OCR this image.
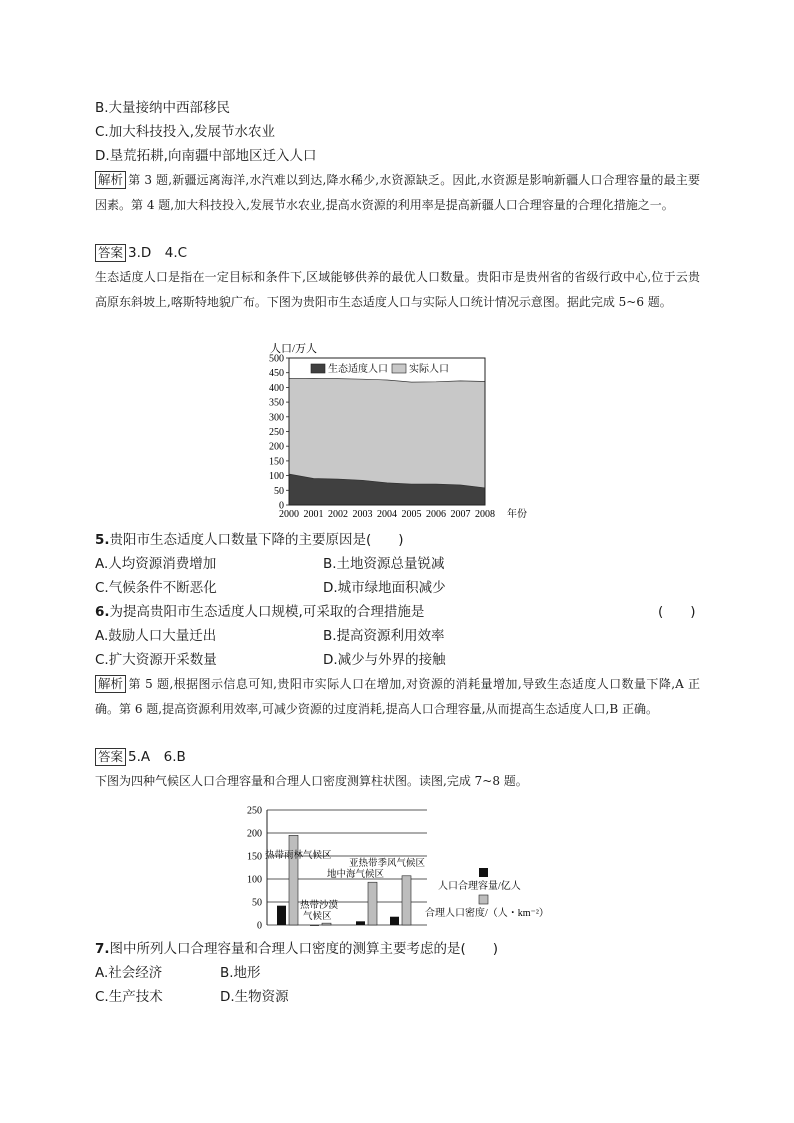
B.大量接纳中西部移民
C.加大科技投入,发展节水农业
D.垦荒拓耕,向南疆中部地区迁入人口
解析 第 3 题,新疆远离海洋,水汽难以到达,降水稀少,水资源缺乏。因此,水资源是影响新疆人口合理容量的最主要因素。第 4 题,加大科技投入,发展节水农业,提高水资源的利用率是提高新疆人口合理容量的合理化措施之一。
答案 3.D　4.C
生态适度人口是指在一定目标和条件下,区域能够供养的最优人口数量。贵阳市是贵州省的省级行政中心,位于云贵高原东斜坡上,喀斯特地貌广布。下图为贵阳市生态适度人口与实际人口统计情况示意图。据此完成 5~6 题。
人口/万人
0
50
100
150
200
250
300
350
400
450
500
2000 2001 2002 2003 2004 2005 2006 2007 2008
生态适度人口 实际人口
年份
5.贵阳市生态适度人口数量下降的主要原因是(　　)
A.人均资源消费增加	B.土地资源总量锐减
C.气候条件不断恶化	D.城市绿地面积减少
6.为提高贵阳市生态适度人口规模,可采取的合理措施是	(　　)
A.鼓励人口大量迁出	B.提高资源利用效率
C.扩大资源开采数量	D.减少与外界的接触
解析 第 5 题,根据图示信息可知,贵阳市实际人口在增加,对资源的消耗量增加,导致生态适度人口数量下降,A 正确。第 6 题,提高资源利用效率,可减少资源的过度消耗,提高人口合理容量,从而提高生态适度人口,B 正确。
答案 5.A　6.B
下图为四种气候区人口合理容量和合理人口密度测算柱状图。读图,完成 7~8 题。
0
50
100
150
200
250
热带雨林气候区
热带沙漠
气候区
地中海气候区
亚热带季风气候区
人口合理容量/亿人
合理人口密度/（人・km⁻²）
7.图中所列人口合理容量和合理人口密度的测算主要考虑的是(　　)
A.社会经济	B.地形
C.生产技术	D.生物资源
